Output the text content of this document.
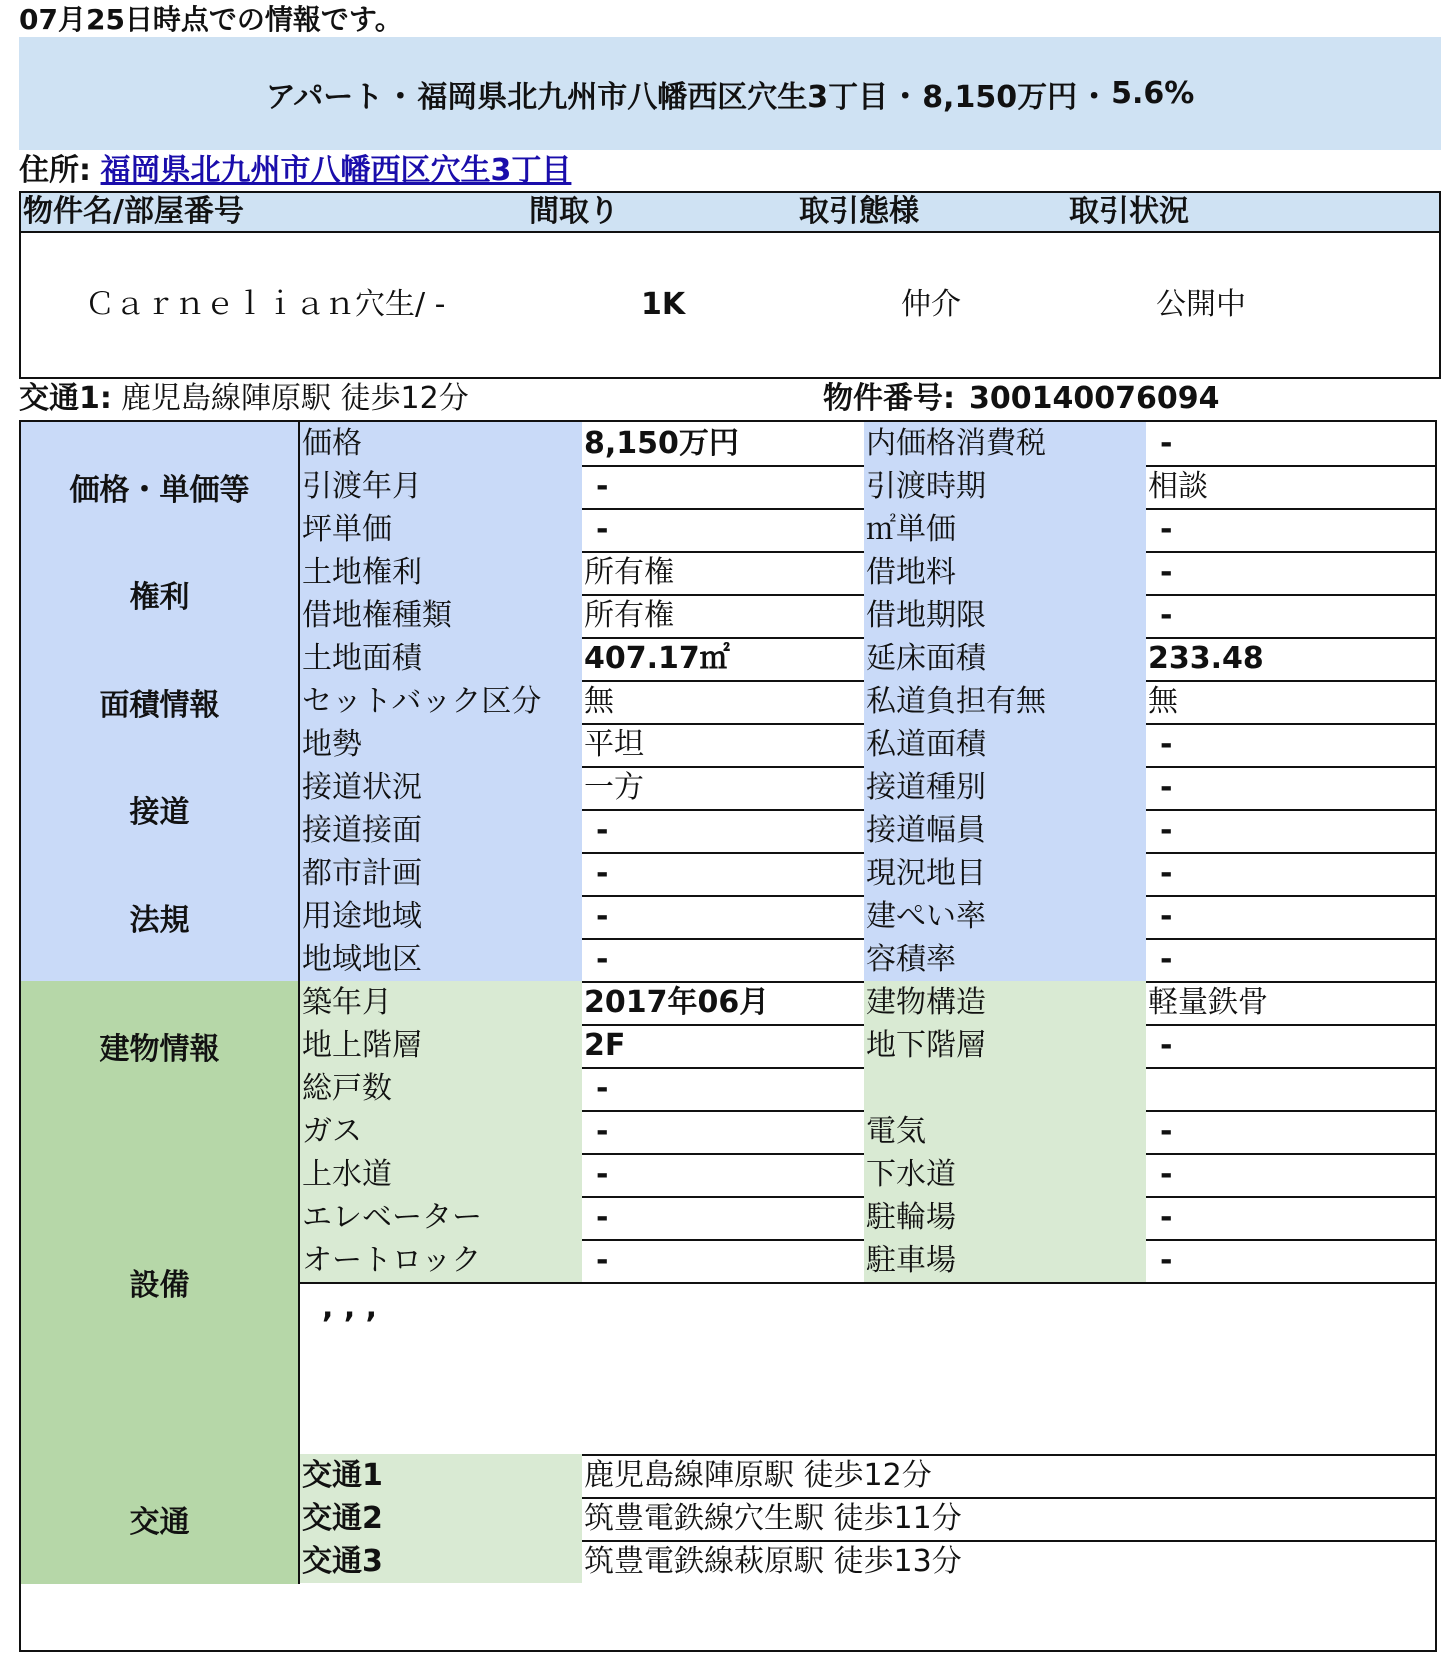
07月25日時点での情報です。
アパート ・ 福岡県北九州市八幡西区穴生3丁目 ・ 8,150万円 ・ 5.6%
住所: 福岡県北九州市八幡西区穴生3丁目
物件名/部屋番号	間取り	取引態様	取引状況
Ｃａｒｎｅｌｉａｎ穴生/ -	1K	仲介	公開中
交通1: 鹿児島線陣原駅 徒歩12分	物件番号: 300140076094
価格・単価等
価格	8,150万円	内価格消費税	-
引渡年月	-	引渡時期	相談
坪単価	-	㎡単価	-
権利
土地権利	所有権	借地料	-
借地権種類	所有権	借地期限	-
面積情報
土地面積	407.17㎡	延床面積	233.48
セットバック区分	無	私道負担有無	無
地勢	平坦	私道面積	-
接道
接道状況	一方	接道種別	-
接道接面	-	接道幅員	-
法規
都市計画	-	現況地目	-
用途地域	-	建ぺい率	-
地域地区	-	容積率	-
建物情報
築年月	2017年06月	建物構造	軽量鉄骨
地上階層	2F	地下階層	-
総戸数	-
設備
ガス	-	電気	-
上水道	-	下水道	-
エレベーター	-	駐輪場	-
オートロック	-	駐車場	-
, , ,
交通
交通1	鹿児島線陣原駅 徒歩12分
交通2	筑豊電鉄線穴生駅 徒歩11分
交通3	筑豊電鉄線萩原駅 徒歩13分
